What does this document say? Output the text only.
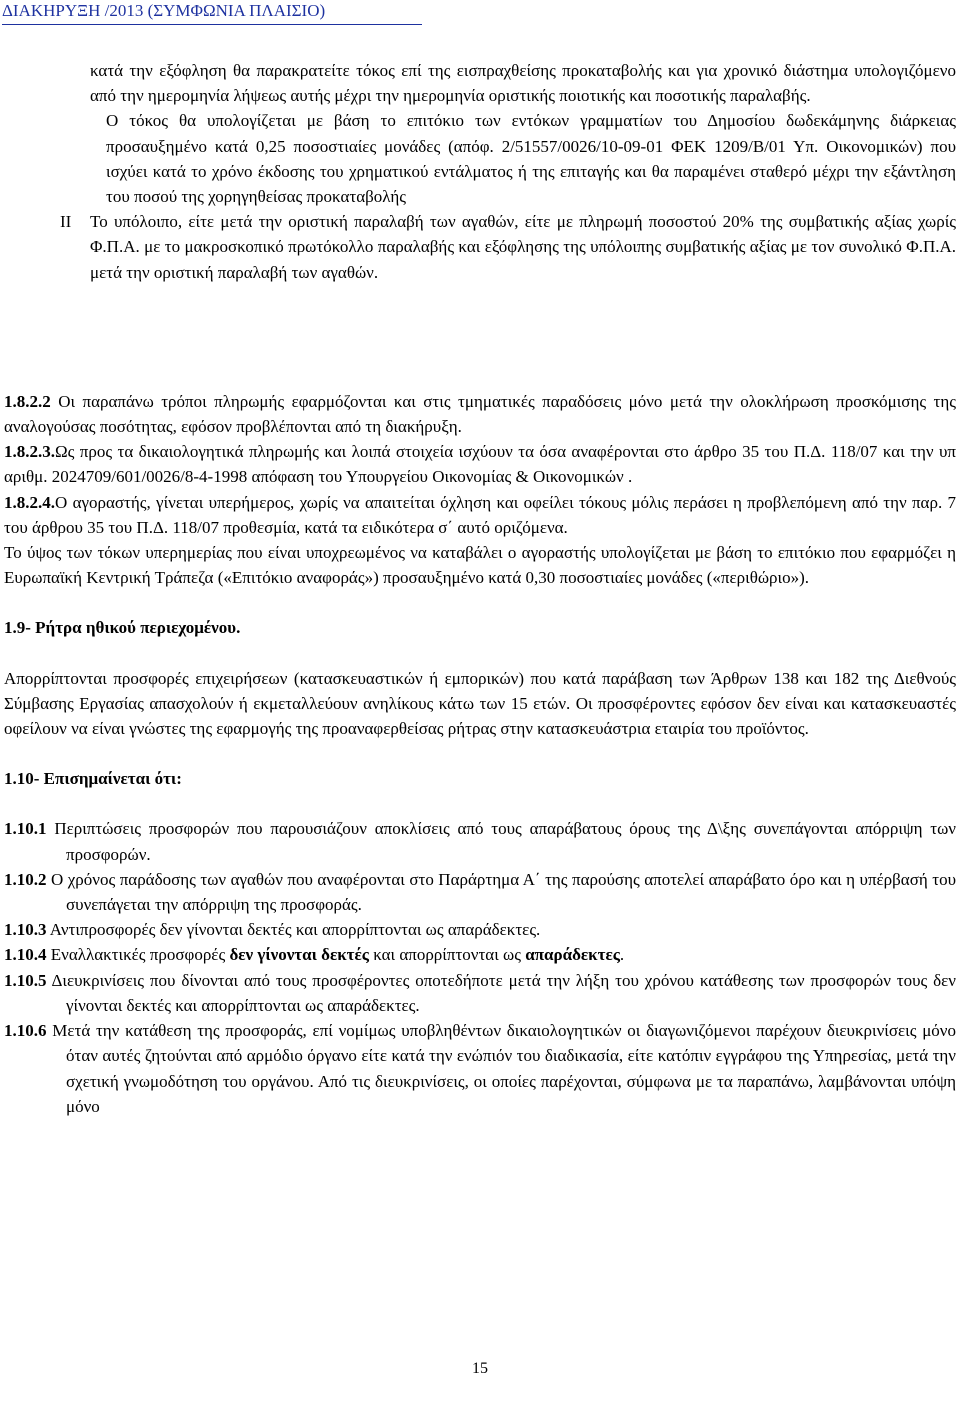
ΔΙΑΚΗΡΥΞΗ /2013 (ΣΥΜΦΩΝΙΑ ΠΛΑΙΣΙΟ)

κατά την εξόφληση θα παρακρατείτε τόκος επί της εισπραχθείσης προκαταβολής και για χρονικό διάστημα υπολογιζόμενο από την ημερομηνία λήψεως αυτής μέχρι την ημερομηνία οριστικής ποιοτικής και ποσοτικής παραλαβής.

Ο τόκος θα υπολογίζεται με βάση το επιτόκιο των εντόκων γραμματίων του Δημοσίου δωδεκάμηνης διάρκειας προσαυξημένο κατά 0,25 ποσοστιαίες μονάδες (απόφ. 2/51557/0026/10-09-01 ΦΕΚ 1209/Β/01 Υπ. Οικονομικών) που ισχύει κατά το χρόνο έκδοσης του χρηματικού εντάλματος ή της επιταγής και θα παραμένει σταθερό μέχρι την εξάντληση του ποσού της χορηγηθείσας προκαταβολής

ΙΙ	Το υπόλοιπο, είτε μετά την οριστική παραλαβή των αγαθών, είτε με πληρωμή ποσοστού 20% της συμβατικής αξίας χωρίς Φ.Π.Α. με το μακροσκοπικό πρωτόκολλο παραλαβής και εξόφλησης της υπόλοιπης συμβατικής αξίας με τον συνολικό Φ.Π.Α. μετά την οριστική παραλαβή των αγαθών.

1.8.2.2 Οι παραπάνω τρόποι πληρωμής εφαρμόζονται και στις τμηματικές παραδόσεις μόνο μετά την ολοκλήρωση προσκόμισης της αναλογούσας ποσότητας, εφόσον προβλέπονται από τη διακήρυξη.

1.8.2.3.Ως προς τα δικαιολογητικά πληρωμής και λοιπά στοιχεία ισχύουν τα όσα αναφέρονται στο άρθρο 35 του Π.Δ. 118/07 και την υπ αριθμ. 2024709/601/0026/8-4-1998 απόφαση του Υπουργείου Οικονομίας & Οικονομικών .

1.8.2.4.Ο αγοραστής, γίνεται υπερήμερος, χωρίς να απαιτείται όχληση και οφείλει τόκους μόλις περάσει η προβλεπόμενη από την παρ. 7 του άρθρου 35 του Π.Δ. 118/07 προθεσμία, κατά τα ειδικότερα σ΄ αυτό οριζόμενα.

Το ύψος των τόκων υπερημερίας που είναι υποχρεωμένος να καταβάλει ο αγοραστής υπολογίζεται με βάση το επιτόκιο που εφαρμόζει η Ευρωπαϊκή Κεντρική Τράπεζα («Επιτόκιο αναφοράς») προσαυξημένο κατά 0,30 ποσοστιαίες μονάδες («περιθώριο»).

1.9- Ρήτρα ηθικού περιεχομένου.

Απορρίπτονται προσφορές επιχειρήσεων (κατασκευαστικών ή εμπορικών) που κατά παράβαση των Άρθρων 138 και 182 της Διεθνούς Σύμβασης Εργασίας απασχολούν ή εκμεταλλεύουν ανηλίκους κάτω των 15 ετών. Οι προσφέροντες εφόσον δεν είναι και κατασκευαστές οφείλουν να είναι γνώστες της εφαρμογής της προαναφερθείσας ρήτρας στην κατασκευάστρια εταιρία του προϊόντος.

1.10- Επισημαίνεται ότι:

1.10.1 Περιπτώσεις προσφορών που παρουσιάζουν αποκλίσεις από τους απαράβατους όρους της Δ\ξης συνεπάγονται απόρριψη των προσφορών.

1.10.2 Ο χρόνος παράδοσης των αγαθών που αναφέρονται στο Παράρτημα Α΄ της παρούσης αποτελεί απαράβατο όρο και η υπέρβασή του συνεπάγεται την απόρριψη της προσφοράς.

1.10.3 Αντιπροσφορές δεν γίνονται δεκτές και απορρίπτονται ως απαράδεκτες.

1.10.4 Εναλλακτικές προσφορές δεν γίνονται δεκτές και απορρίπτονται ως απαράδεκτες.

1.10.5 Διευκρινίσεις που δίνονται από τους προσφέροντες οποτεδήποτε μετά την λήξη του χρόνου κατάθεσης των προσφορών τους δεν γίνονται δεκτές και απορρίπτονται ως απαράδεκτες.

1.10.6 Μετά την κατάθεση της προσφοράς, επί νομίμως υποβληθέντων δικαιολογητικών οι διαγωνιζόμενοι παρέχουν διευκρινίσεις μόνο όταν αυτές ζητούνται από αρμόδιο όργανο είτε κατά την ενώπιόν του διαδικασία, είτε κατόπιν εγγράφου της Υπηρεσίας, μετά την σχετική γνωμοδότηση του οργάνου. Από τις διευκρινίσεις, οι οποίες παρέχονται, σύμφωνα με τα παραπάνω, λαμβάνονται υπόψη μόνο

15
